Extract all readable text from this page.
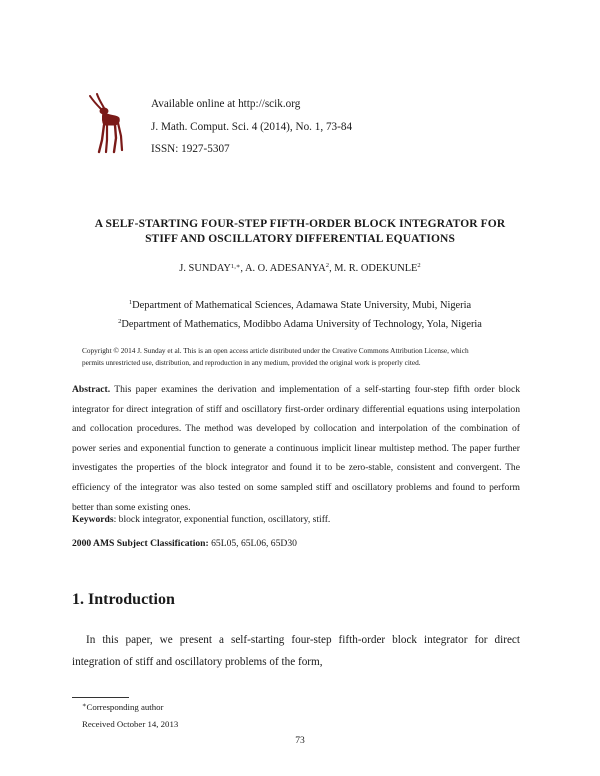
Available online at http://scik.org
J. Math. Comput. Sci. 4 (2014), No. 1, 73-84
ISSN: 1927-5307
A SELF-STARTING FOUR-STEP FIFTH-ORDER BLOCK INTEGRATOR FOR
STIFF AND OSCILLATORY DIFFERENTIAL EQUATIONS
J. $SUNDAY^{1,∗}$, A. O. ADESANYA$^2$, M. R. ODEKUNLE$^2$
$^1$Department of Mathematical Sciences, Adamawa State University, Mubi, Nigeria
$^2$Department of Mathematics, Modibbo Adama University of Technology, Yola, Nigeria
Copyright © 2014 J. Sunday et al. This is an open access article distributed under the Creative Commons Attribution License, which
permits unrestricted use, distribution, and reproduction in any medium, provided the original work is properly cited.
Abstract. This paper examines the derivation and implementation of a self-starting four-step fifth order block integrator for direct integration of stiff and oscillatory first-order ordinary differential equations using interpolation and collocation procedures. The method was developed by collocation and interpolation of the combination of power series and exponential function to generate a continuous implicit linear multistep method. The paper further investigates the properties of the block integrator and found it to be zero-stable, consistent and convergent. The efficiency of the integrator was also tested on some sampled stiff and oscillatory problems and found to perform better than some existing ones.
Keywords: block integrator, exponential function, oscillatory, stiff.
2000 AMS Subject Classification: 65L05, 65L06, 65D30
1. Introduction
In this paper, we present a self-starting four-step fifth-order block integrator for direct integration of stiff and oscillatory problems of the form,
∗Corresponding author
Received October 14, 2013
73
